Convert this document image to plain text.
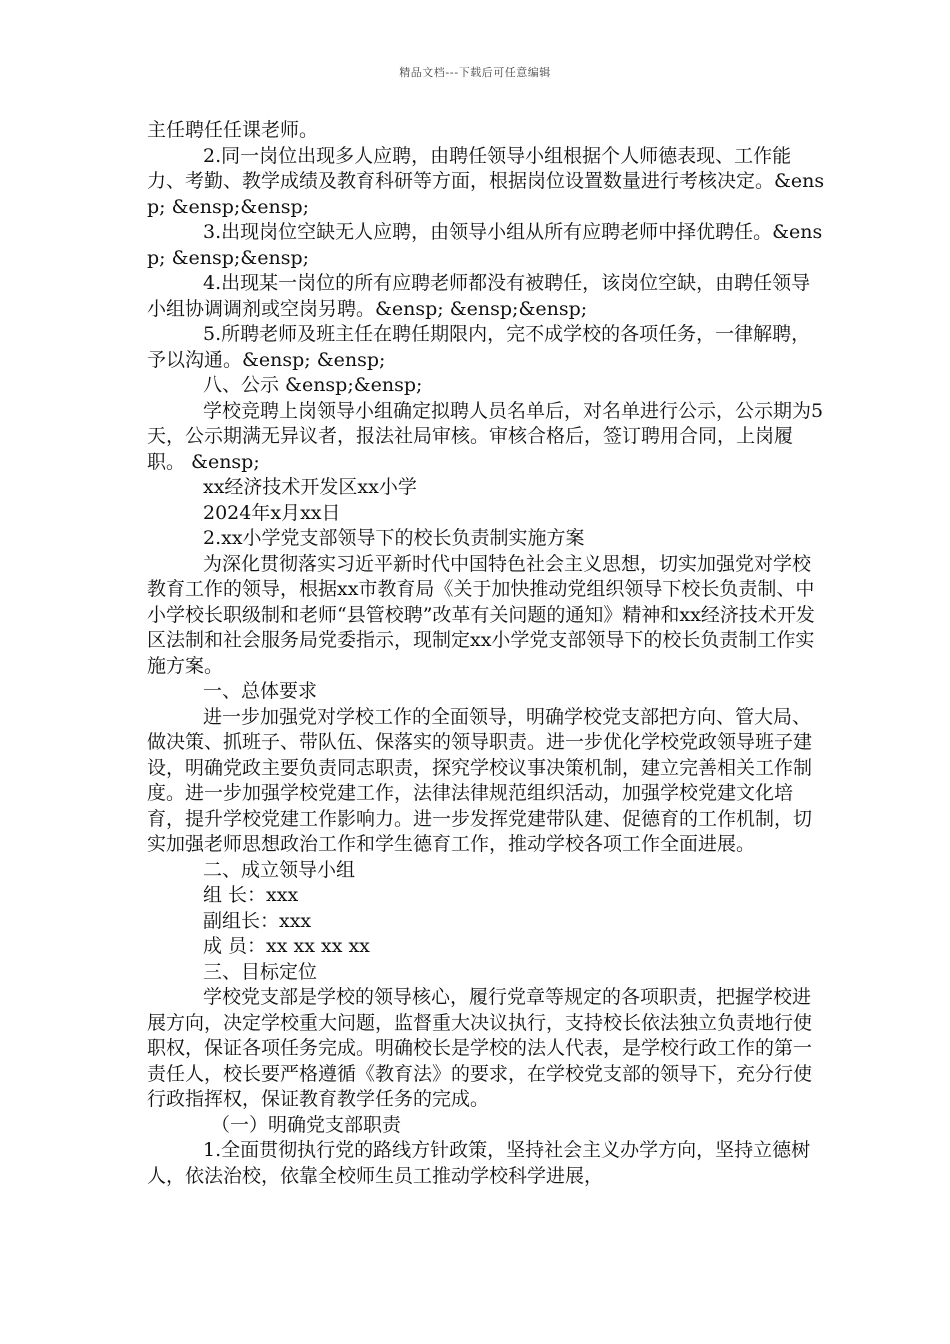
精品文档---下载后可任意编辑

主任聘任任课老师。

2.同一岗位出现多人应聘，由聘任领导小组根据个人师德表现、工作能力、考勤、教学成绩及教育科研等方面，根据岗位设置数量进行考核决定。&ensp; &ensp;&ensp;

3.出现岗位空缺无人应聘，由领导小组从所有应聘老师中择优聘任。&ensp; &ensp;&ensp;

4.出现某一岗位的所有应聘老师都没有被聘任，该岗位空缺，由聘任领导小组协调调剂或空岗另聘。&ensp; &ensp;&ensp;

5.所聘老师及班主任在聘任期限内，完不成学校的各项任务，一律解聘，予以沟通。&ensp; &ensp;

八、公示 &ensp;&ensp;

学校竞聘上岗领导小组确定拟聘人员名单后，对名单进行公示，公示期为5天，公示期满无异议者，报法社局审核。审核合格后，签订聘用合同，上岗履职。 &ensp;

xx经济技术开发区xx小学

2024年x月xx日

2.xx小学党支部领导下的校长负责制实施方案

为深化贯彻落实习近平新时代中国特色社会主义思想，切实加强党对学校教育工作的领导，根据xx市教育局《关于加快推动党组织领导下校长负责制、中小学校长职级制和老师“县管校聘”改革有关问题的通知》精神和xx经济技术开发区法制和社会服务局党委指示，现制定xx小学党支部领导下的校长负责制工作实施方案。

一、总体要求

进一步加强党对学校工作的全面领导，明确学校党支部把方向、管大局、做决策、抓班子、带队伍、保落实的领导职责。进一步优化学校党政领导班子建设，明确党政主要负责同志职责，探究学校议事决策机制，建立完善相关工作制度。进一步加强学校党建工作，法律法律规范组织活动，加强学校党建文化培育，提升学校党建工作影响力。进一步发挥党建带队建、促德育的工作机制，切实加强老师思想政治工作和学生德育工作，推动学校各项工作全面进展。

二、成立领导小组

组 长：xxx

副组长：xxx

成 员：xx xx xx xx

三、目标定位

学校党支部是学校的领导核心，履行党章等规定的各项职责，把握学校进展方向，决定学校重大问题，监督重大决议执行，支持校长依法独立负责地行使职权，保证各项任务完成。明确校长是学校的法人代表，是学校行政工作的第一责任人，校长要严格遵循《教育法》的要求，在学校党支部的领导下，充分行使行政指挥权，保证教育教学任务的完成。

（一）明确党支部职责

1.全面贯彻执行党的路线方针政策，坚持社会主义办学方向，坚持立德树人，依法治校，依靠全校师生员工推动学校科学进展，
